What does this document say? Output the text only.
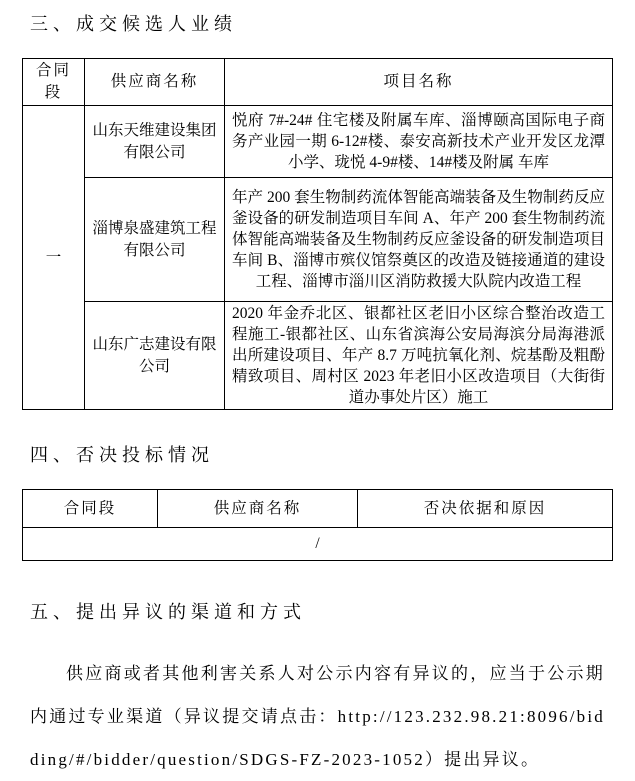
三、成交候选人业绩
合同段	供应商名称	项目名称
一	山东天维建设集团有限公司	悦府 7#-24# 住宅楼及附属车库、淄博颐高国际电子商务产业园一期 6-12#楼、泰安高新技术产业开发区龙潭小学、珑悦 4-9#楼、14#楼及附属 车库
	淄博泉盛建筑工程有限公司	年产 200 套生物制药流体智能高端装备及生物制药反应釜设备的研发制造项目车间 A、年产 200 套生物制药流体智能高端装备及生物制药反应釜设备的研发制造项目车间 B、淄博市殡仪馆祭奠区的改造及链接通道的建设工程、淄博市淄川区消防救援大队院内改造工程
	山东广志建设有限公司	2020 年金乔北区、银都社区老旧小区综合整治改造工程施工-银都社区、山东省滨海公安局海滨分局海港派出所建设项目、年产 8.7 万吨抗氧化剂、烷基酚及粗酚精致项目、周村区 2023 年老旧小区改造项目（大街街道办事处片区）施工
四、否决投标情况
合同段	供应商名称	否决依据和原因
/
五、提出异议的渠道和方式

供应商或者其他利害关系人对公示内容有异议的，应当于公示期内通过专业渠道（异议提交请点击：http://123.232.98.21:8096/bidding/#/bidder/question/SDGS-FZ-2023-1052）提出异议。
